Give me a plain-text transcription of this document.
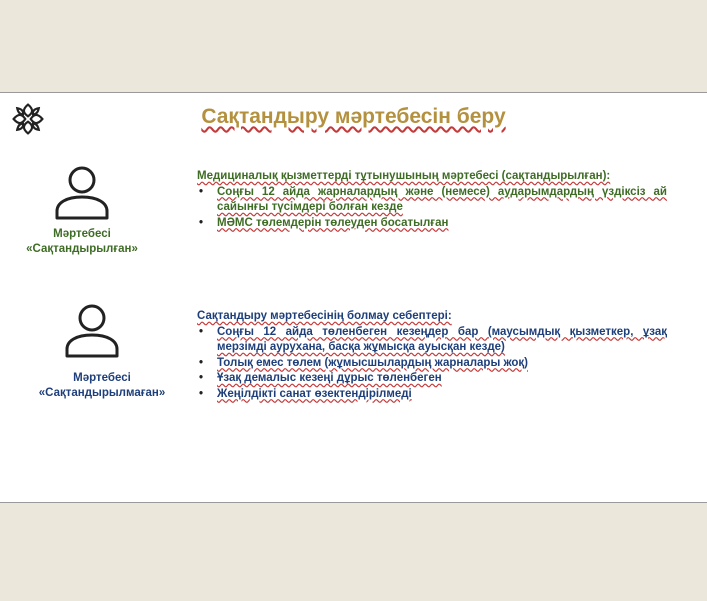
Сақтандыру мәртебесін беру
Мәртебесі
«Сақтандырылған»
Медициналық қызметтерді тұтынушының мәртебесі (сақтандырылған):
• Соңғы 12 айда жарналардың және (немесе) аударымдардың үздіксіз ай сайынғы түсімдері болған кезде
• МӘМС төлемдерін төлеуден босатылған
Мәртебесі
«Сақтандырылмаған»
Сақтандыру мәртебесінің болмау себептері:
• Соңғы 12 айда төленбеген кезеңдер бар (маусымдық қызметкер, ұзақ мерзімді ауруxана, басқа жұмысқа ауысқан кезде)
• Толық емес төлем (жұмысшылардың жарналары жоқ)
• Ұзақ демалыс кезеңі дұрыс төленбеген
• Жеңілдікті санат өзектендірілмеді
